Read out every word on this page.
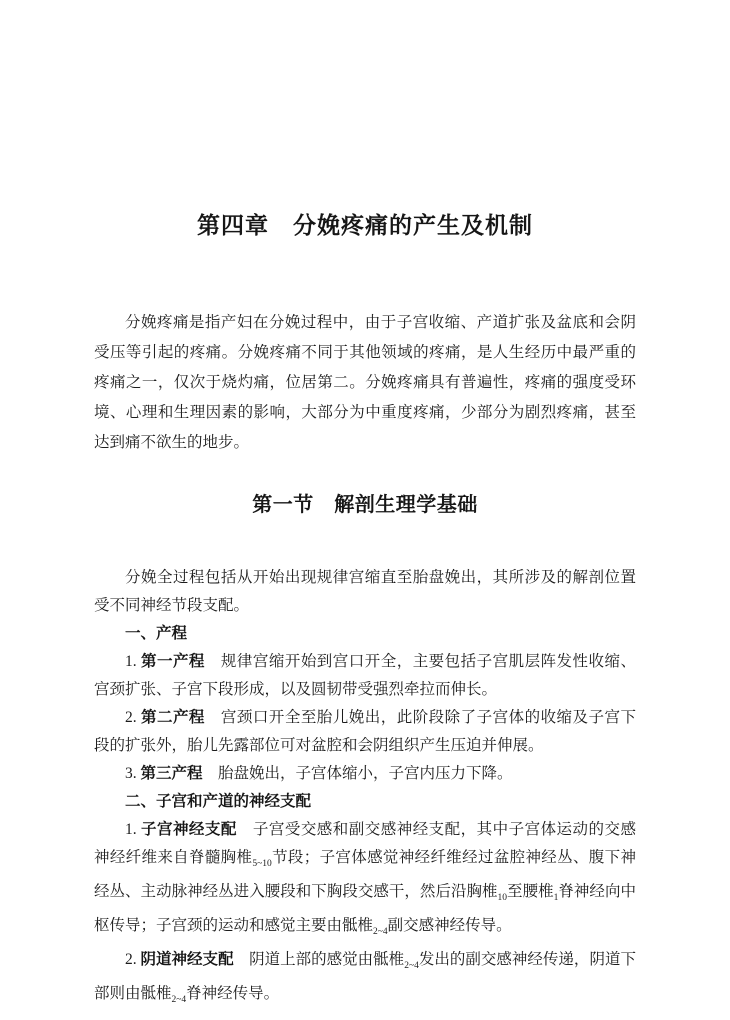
第四章　分娩疼痛的产生及机制

分娩疼痛是指产妇在分娩过程中，由于子宫收缩、产道扩张及盆底和会阴受压等引起的疼痛。分娩疼痛不同于其他领域的疼痛，是人生经历中最严重的疼痛之一，仅次于烧灼痛，位居第二。分娩疼痛具有普遍性，疼痛的强度受环境、心理和生理因素的影响，大部分为中重度疼痛，少部分为剧烈疼痛，甚至达到痛不欲生的地步。

第一节　解剖生理学基础

分娩全过程包括从开始出现规律宫缩直至胎盘娩出，其所涉及的解剖位置受不同神经节段支配。

一、产程

1. 第一产程　规律宫缩开始到宫口开全，主要包括子宫肌层阵发性收缩、宫颈扩张、子宫下段形成，以及圆韧带受强烈牵拉而伸长。

2. 第二产程　宫颈口开全至胎儿娩出，此阶段除了子宫体的收缩及子宫下段的扩张外，胎儿先露部位可对盆腔和会阴组织产生压迫并伸展。

3. 第三产程　胎盘娩出，子宫体缩小，子宫内压力下降。

二、子宫和产道的神经支配

1. 子宫神经支配　子宫受交感和副交感神经支配，其中子宫体运动的交感神经纤维来自脊髓胸椎$_{5\sim 10}$节段；子宫体感觉神经纤维经过盆腔神经丛、腹下神经丛、主动脉神经丛进入腰段和下胸段交感干，然后沿胸椎$_{10}$至腰椎$_1$脊神经向中枢传导；子宫颈的运动和感觉主要由骶椎$_{2\sim 4}$副交感神经传导。

2. 阴道神经支配　阴道上部的感觉由骶椎$_{2\sim 4}$发出的副交感神经传递，阴道下部则由骶椎$_{2\sim 4}$脊神经传导。
